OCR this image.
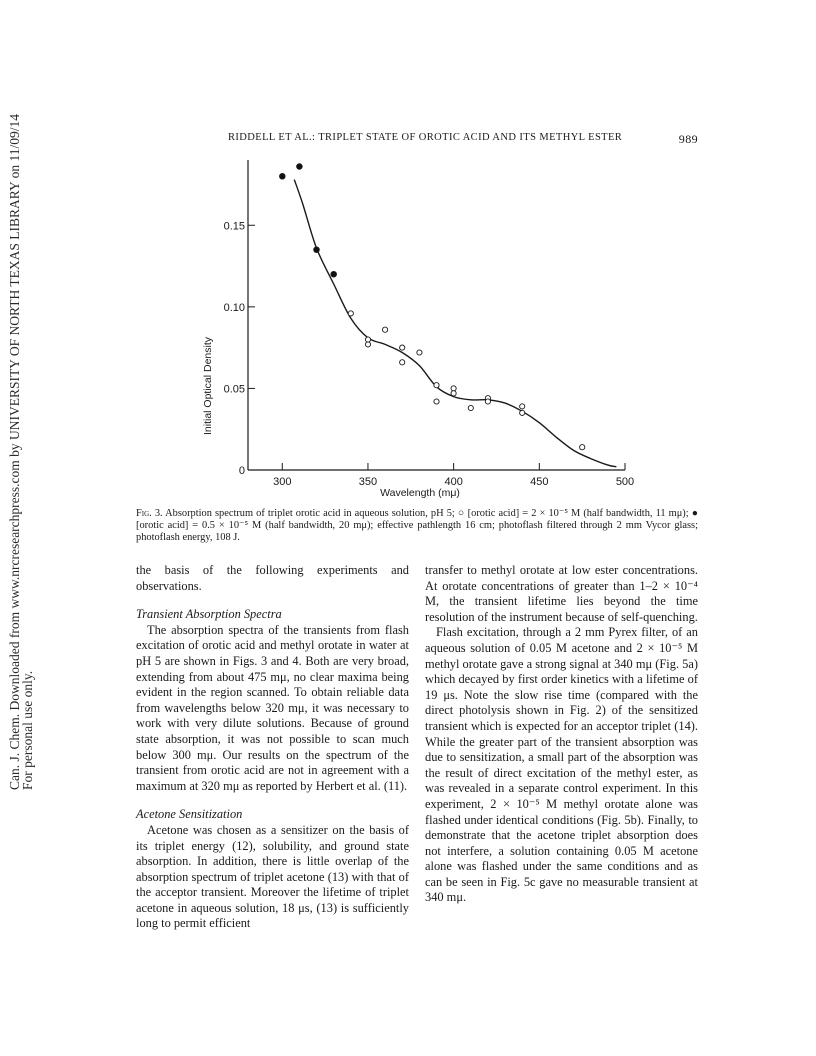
Can. J. Chem. Downloaded from www.nrcresearchpress.com by UNIVERSITY OF NORTH TEXAS LIBRARY on 11/09/14
For personal use only.
RIDDELL ET AL.: TRIPLET STATE OF OROTIC ACID AND ITS METHYL ESTER	989
300	350	400	450	500
0
0.05
0.10
0.15
Wavelength (mμ)
Initial Optical Density
Fig. 3. Absorption spectrum of triplet orotic acid in aqueous solution, pH 5; ○ [orotic acid] = 2 × 10⁻⁵ M (half bandwidth, 11 mμ); ● [orotic acid] = 0.5 × 10⁻⁵ M (half bandwidth, 20 mμ); effective pathlength 16 cm; photoflash filtered through 2 mm Vycor glass; photoflash energy, 108 J.

the basis of the following experiments and observations.

Transient Absorption Spectra

The absorption spectra of the transients from flash excitation of orotic acid and methyl orotate in water at pH 5 are shown in Figs. 3 and 4. Both are very broad, extending from about 475 mμ, no clear maxima being evident in the region scanned. To obtain reliable data from wavelengths below 320 mμ, it was necessary to work with very dilute solutions. Because of ground state absorption, it was not possible to scan much below 300 mμ. Our results on the spectrum of the transient from orotic acid are not in agreement with a maximum at 320 mμ as reported by Herbert et al. (11).

Acetone Sensitization

Acetone was chosen as a sensitizer on the basis of its triplet energy (12), solubility, and ground state absorption. In addition, there is little overlap of the absorption spectrum of triplet acetone (13) with that of the acceptor transient. Moreover the lifetime of triplet acetone in aqueous solution, 18 μs, (13) is sufficiently long to permit efficient

transfer to methyl orotate at low ester concentrations. At orotate concentrations of greater than 1–2 × 10⁻⁴ M, the transient lifetime lies beyond the time resolution of the instrument because of self-quenching.

Flash excitation, through a 2 mm Pyrex filter, of an aqueous solution of 0.05 M acetone and 2 × 10⁻⁵ M methyl orotate gave a strong signal at 340 mμ (Fig. 5a) which decayed by first order kinetics with a lifetime of 19 μs. Note the slow rise time (compared with the direct photolysis shown in Fig. 2) of the sensitized transient which is expected for an acceptor triplet (14). While the greater part of the transient absorption was due to sensitization, a small part of the absorption was the result of direct excitation of the methyl ester, as was revealed in a separate control experiment. In this experiment, 2 × 10⁻⁵ M methyl orotate alone was flashed under identical conditions (Fig. 5b). Finally, to demonstrate that the acetone triplet absorption does not interfere, a solution containing 0.05 M acetone alone was flashed under the same conditions and as can be seen in Fig. 5c gave no measurable transient at 340 mμ.
